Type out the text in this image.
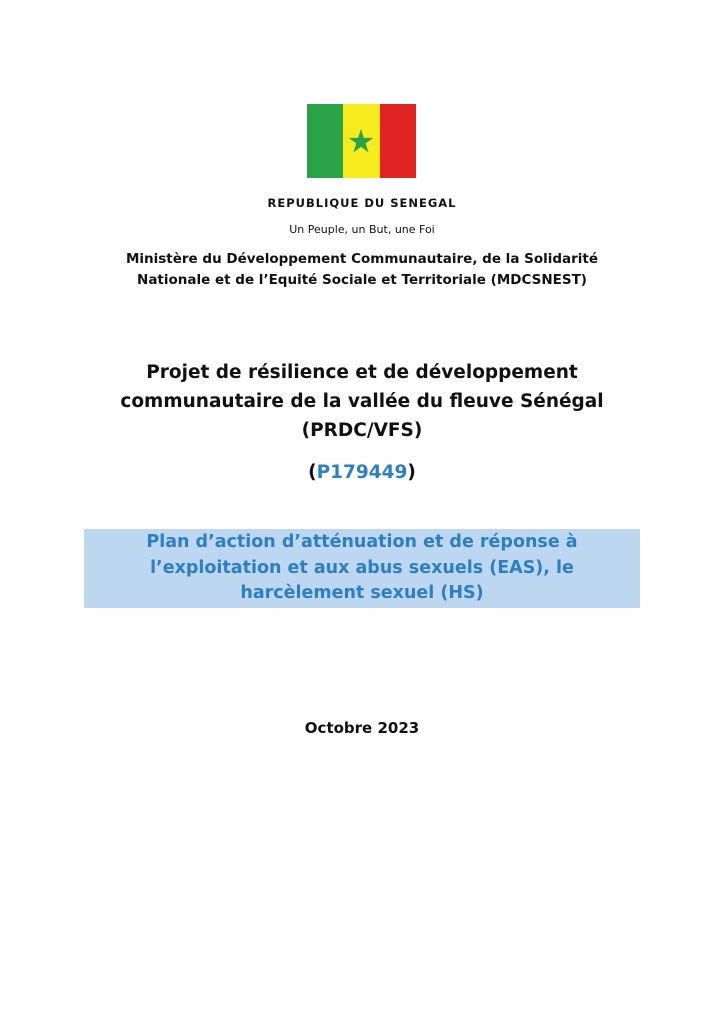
REPUBLIQUE DU SENEGAL
Un Peuple, un But, une Foi
Ministère du Développement Communautaire, de la Solidarité
Nationale et de l’Equité Sociale et Territoriale (MDCSNEST)
Projet de résilience et de développement
communautaire de la vallée du fleuve Sénégal
(PRDC/VFS)
(P179449)
Plan d’action d’atténuation et de réponse à
l’exploitation et aux abus sexuels (EAS), le
harcèlement sexuel (HS)
Octobre 2023
